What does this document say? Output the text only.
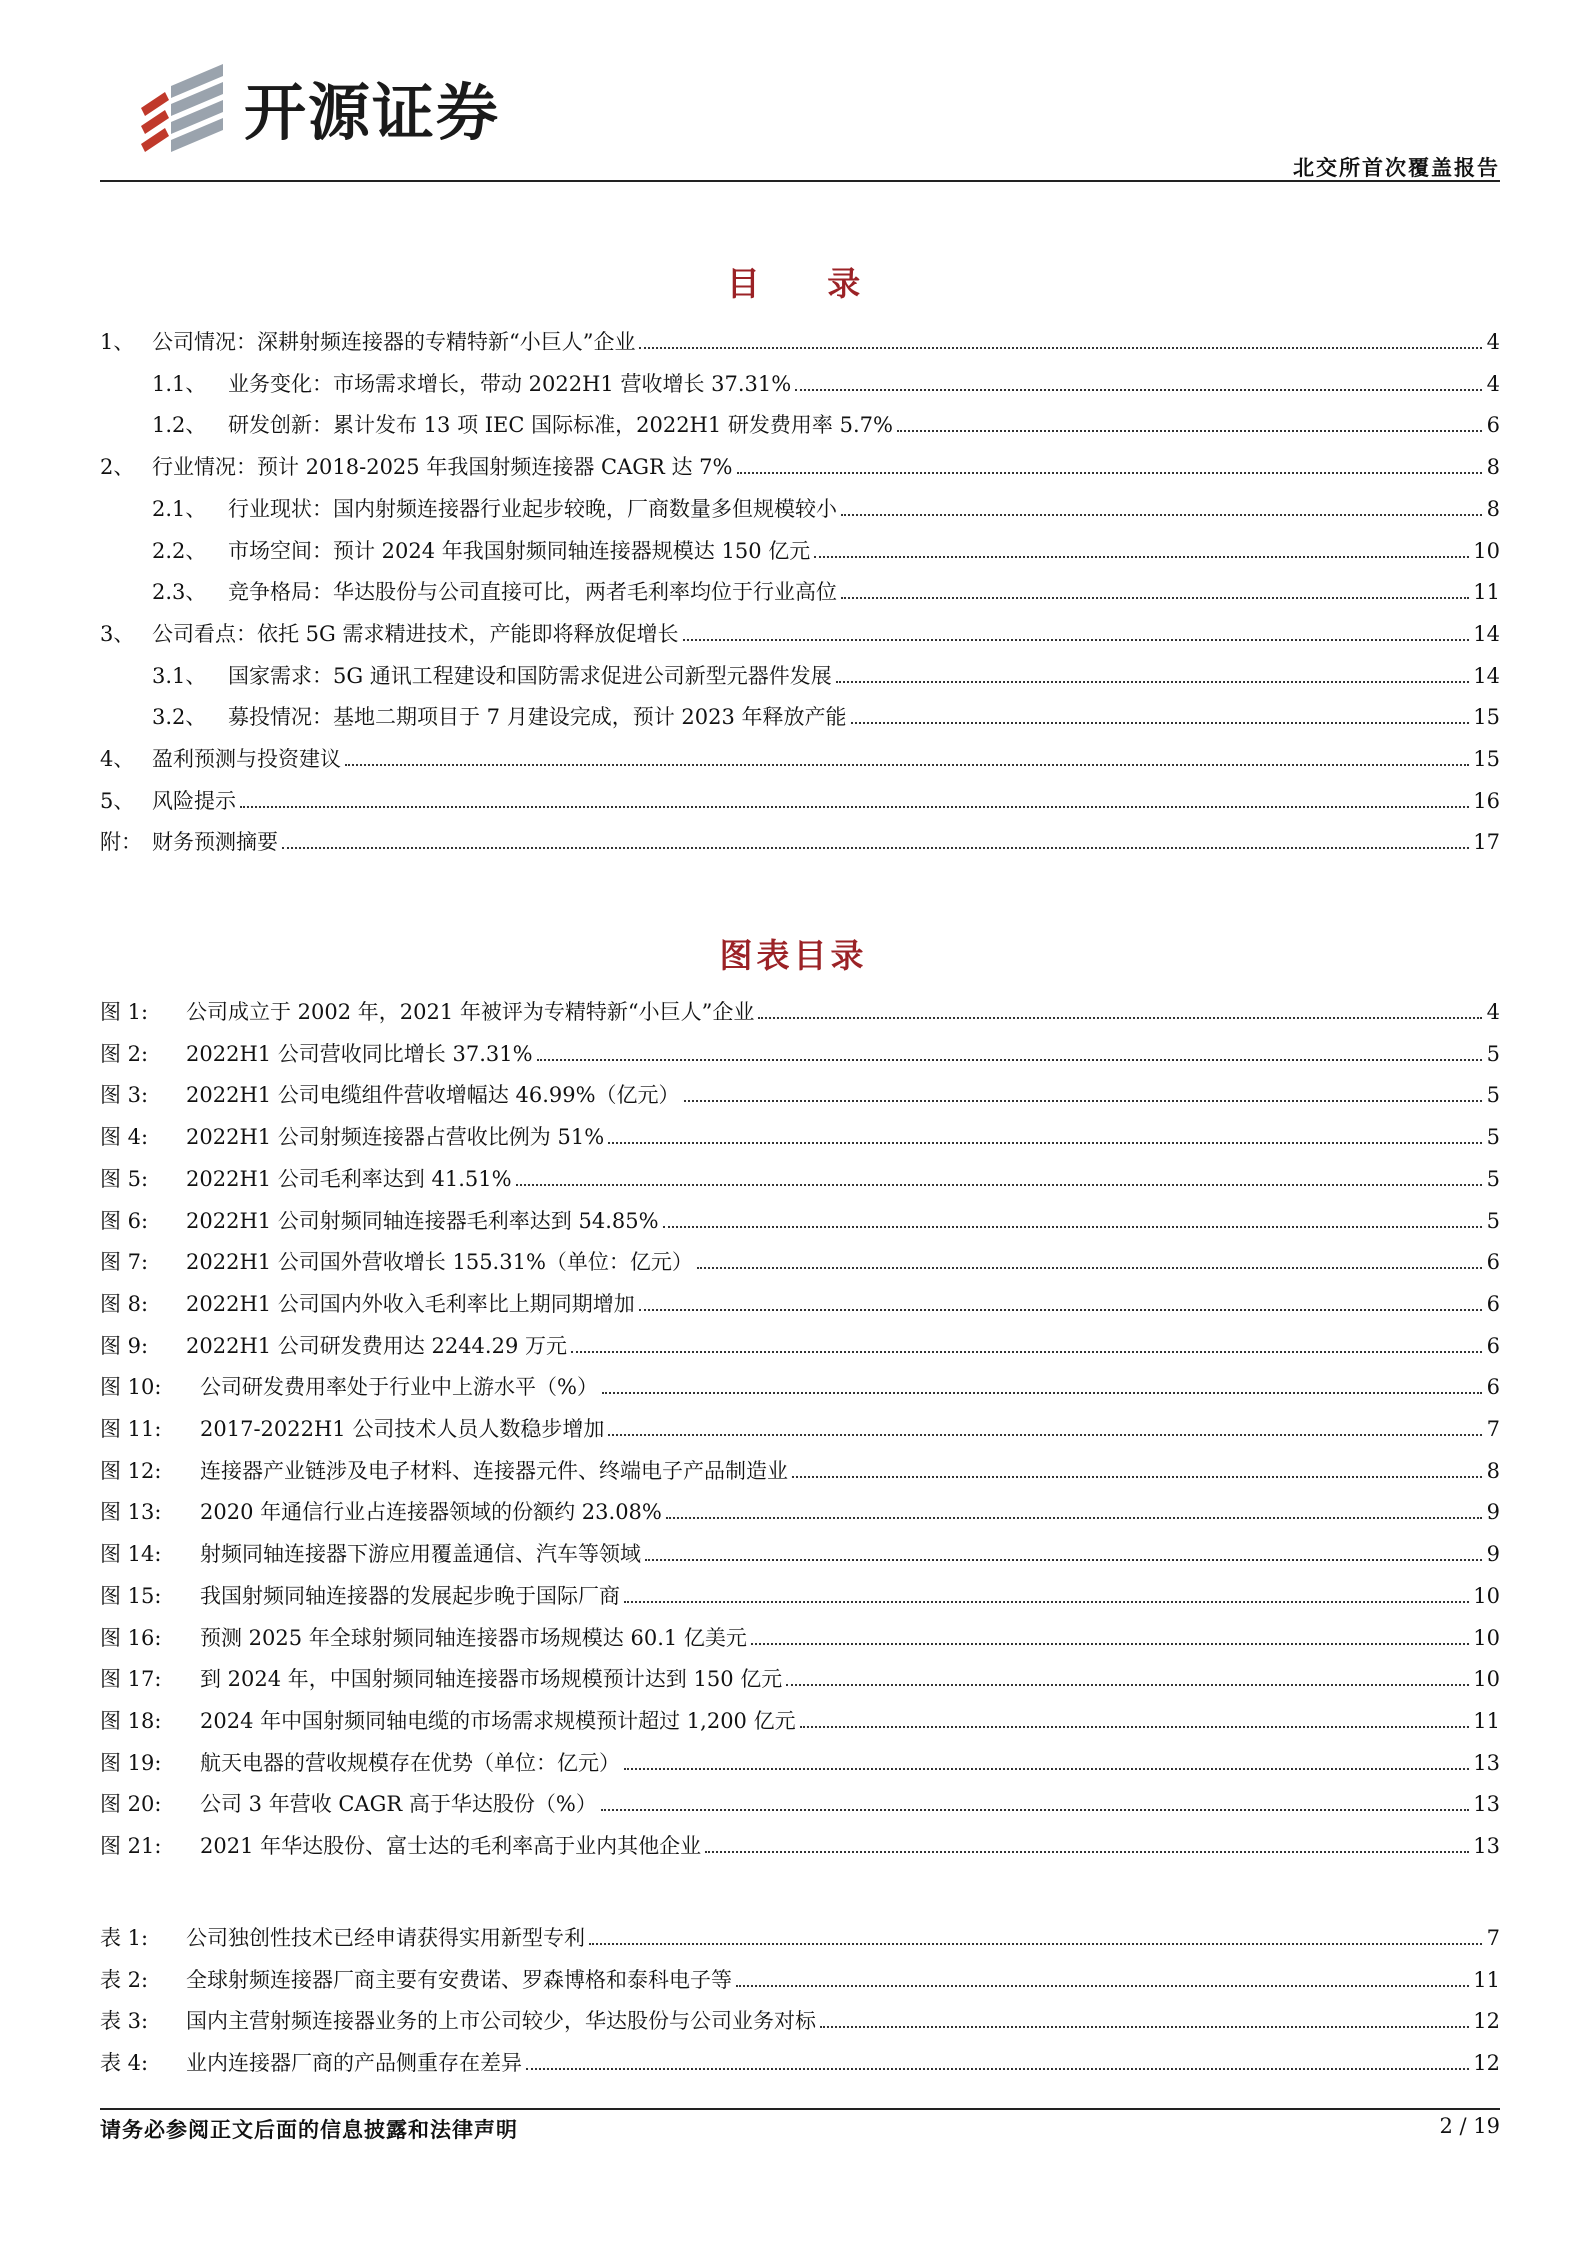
开源证券
北交所首次覆盖报告
目 录
1、 公司情况：深耕射频连接器的专精特新“小巨人”企业	4
1.1、	业务变化：市场需求增长，带动 2022H1 营收增长 37.31%	4
1.2、	研发创新：累计发布 13 项 IEC 国际标准，2022H1 研发费用率 5.7%	6
2、 行业情况：预计 2018-2025 年我国射频连接器 CAGR 达 7%	8
2.1、	行业现状：国内射频连接器行业起步较晚，厂商数量多但规模较小	8
2.2、	市场空间：预计 2024 年我国射频同轴连接器规模达 150 亿元	10
2.3、	竞争格局：华达股份与公司直接可比，两者毛利率均位于行业高位	11
3、 公司看点：依托 5G 需求精进技术，产能即将释放促增长	14
3.1、	国家需求：5G 通讯工程建设和国防需求促进公司新型元器件发展	14
3.2、	募投情况：基地二期项目于 7 月建设完成，预计 2023 年释放产能	15
4、 盈利预测与投资建议	15
5、 风险提示	16
附： 财务预测摘要	17
图表目录
图 1:	公司成立于 2002 年，2021 年被评为专精特新“小巨人”企业	4
图 2:	2022H1 公司营收同比增长 37.31%	5
图 3:	2022H1 公司电缆组件营收增幅达 46.99%（亿元）	5
图 4:	2022H1 公司射频连接器占营收比例为 51%	5
图 5:	2022H1 公司毛利率达到 41.51%	5
图 6:	2022H1 公司射频同轴连接器毛利率达到 54.85%	5
图 7:	2022H1 公司国外营收增长 155.31%（单位：亿元）	6
图 8:	2022H1 公司国内外收入毛利率比上期同期增加	6
图 9:	2022H1 公司研发费用达 2244.29 万元	6
图 10:	公司研发费用率处于行业中上游水平（%）	6
图 11:	2017-2022H1 公司技术人员人数稳步增加	7
图 12:	连接器产业链涉及电子材料、连接器元件、终端电子产品制造业	8
图 13:	2020 年通信行业占连接器领域的份额约 23.08%	9
图 14:	射频同轴连接器下游应用覆盖通信、汽车等领域	9
图 15:	我国射频同轴连接器的发展起步晚于国际厂商	10
图 16:	预测 2025 年全球射频同轴连接器市场规模达 60.1 亿美元	10
图 17:	到 2024 年，中国射频同轴连接器市场规模预计达到 150 亿元	10
图 18:	2024 年中国射频同轴电缆的市场需求规模预计超过 1,200 亿元	11
图 19:	航天电器的营收规模存在优势（单位：亿元）	13
图 20:	公司 3 年营收 CAGR 高于华达股份（%）	13
图 21:	2021 年华达股份、富士达的毛利率高于业内其他企业	13
表 1:	公司独创性技术已经申请获得实用新型专利	7
表 2:	全球射频连接器厂商主要有安费诺、罗森博格和泰科电子等	11
表 3:	国内主营射频连接器业务的上市公司较少，华达股份与公司业务对标	12
表 4:	业内连接器厂商的产品侧重存在差异	12
请务必参阅正文后面的信息披露和法律声明	2 / 19
